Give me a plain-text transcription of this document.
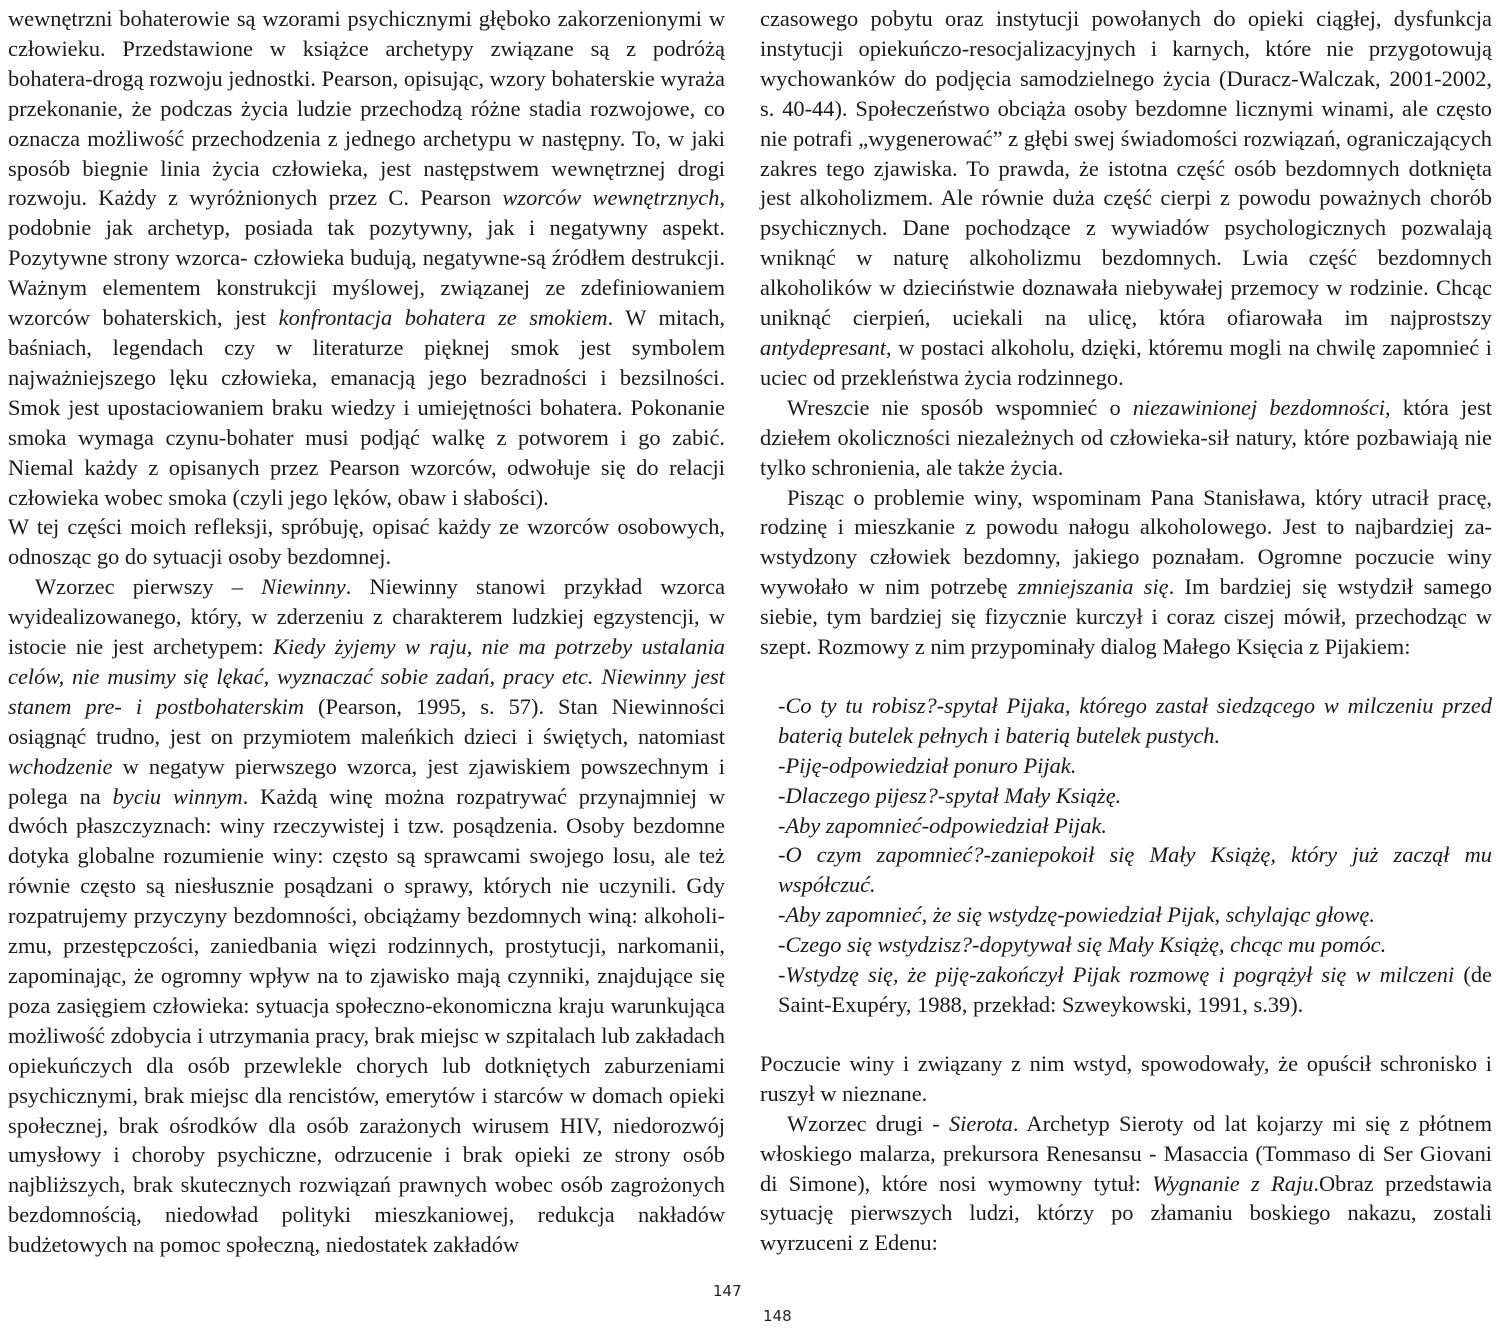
wewnętrzni bohaterowie są wzorami psychicznymi głęboko zakorzenionymi w człowieku. Przedstawione w książce archetypy związane są z podróżą bohatera-drogą rozwoju jednostki. Pearson, opisując, wzory bohaterskie wyraża przekonanie, że podczas życia ludzie przechodzą różne stadia rozwojowe, co oznacza możliwość przechodzenia z jednego archetypu w następny. To, w jaki sposób biegnie linia życia człowieka, jest następstwem wewnętrznej drogi rozwoju. Każdy z wyróżnionych przez C. Pearson wzorców wewnętrznych, podobnie jak archetyp, posiada tak pozytywny, jak i negatywny aspekt. Pozytywne strony wzorca- człowieka budują, negatywne-są źródłem destrukcji. Ważnym elementem konstrukcji myślowej, związanej ze zdefiniowaniem wzorców bohaterskich, jest konfrontacja bohatera ze smokiem. W mitach, baśniach, legendach czy w literaturze pięknej smok jest symbolem najważniejszego lęku człowieka, emanacją jego bezradności i bezsilności. Smok jest upostaciowaniem braku wiedzy i umiejętności bohatera. Pokonanie smoka wymaga czynu-bohater musi podjąć walkę z potworem i go zabić. Niemal każdy z opisanych przez Pearson wzorców, odwołuje się do relacji człowieka wobec smoka (czyli jego lęków, obaw i słabości).

W tej części moich refleksji, spróbuję, opisać każdy ze wzorców osobowych, odnosząc go do sytuacji osoby bezdomnej.

Wzorzec pierwszy – Niewinny. Niewinny stanowi przykład wzorca wyidealizowanego, który, w zderzeniu z charakterem ludzkiej egzystencji, w istocie nie jest archetypem: Kiedy żyjemy w raju, nie ma potrzeby ustalania celów, nie musimy się lękać, wyznaczać sobie zadań, pracy etc. Niewinny jest stanem pre- i postbohaterskim (Pearson, 1995, s. 57). Stan Niewinności osiągnąć trudno, jest on przymiotem maleńkich dzieci i świętych, natomiast wchodzenie w negatyw pierwszego wzorca, jest zjawiskiem powszechnym i polega na byciu winnym. Każdą winę można rozpatrywać przynajmniej w dwóch płaszczyznach: winy rzeczywistej i tzw. posądzenia. Osoby bezdomne dotyka globalne rozumienie winy: często są sprawcami swojego losu, ale też równie często są niesłusznie posądzani o sprawy, których nie uczynili. Gdy rozpatrujemy przyczyny bezdomności, obciążamy bezdomnych winą: alkoholizmu, przestępczości, zaniedbania więzi rodzinnych, prostytucji, narkomanii, zapominając, że ogromny wpływ na to zjawisko mają czynniki, znajdujące się poza zasięgiem człowieka: sytuacja społeczno-ekonomiczna kraju warunkująca możliwość zdobycia i utrzymania pracy, brak miejsc w szpitalach lub zakładach opiekuńczych dla osób przewlekle chorych lub dotkniętych zaburzeniami psychicznymi, brak miejsc dla rencistów, emerytów i starców w domach opieki społecznej, brak ośrodków dla osób zarażonych wirusem HIV, niedorozwój umysłowy i choroby psychiczne, odrzucenie i brak opieki ze strony osób najbliższych, brak skutecznych rozwiązań prawnych wobec osób zagrożonych bezdomnością, niedowład polityki mieszkaniowej, redukcja nakładów budżetowych na pomoc społeczną, niedostatek zakładów

czasowego pobytu oraz instytucji powołanych do opieki ciągłej, dysfunkcja instytucji opiekuńczo-resocjalizacyjnych i karnych, które nie przygotowują wychowanków do podjęcia samodzielnego życia (Duracz-Walczak, 2001-2002, s. 40-44). Społeczeństwo obciąża osoby bezdomne licznymi winami, ale często nie potrafi „wygenerować” z głębi swej świadomości rozwiązań, ograniczających zakres tego zjawiska. To prawda, że istotna część osób bezdomnych dotknięta jest alkoholizmem. Ale równie duża część cierpi z powodu poważnych chorób psychicznych. Dane pochodzące z wywiadów psychologicznych pozwalają wniknąć w naturę alkoholizmu bezdomnych. Lwia część bezdomnych alkoholików w dzieciństwie doznawała niebywałej przemocy w rodzinie. Chcąc uniknąć cierpień, uciekali na ulicę, która ofiarowała im najprostszy antydepresant, w postaci alkoholu, dzięki, któremu mogli na chwilę zapomnieć i uciec od przekleństwa życia rodzinnego.

Wreszcie nie sposób wspomnieć o niezawinionej bezdomności, która jest dziełem okoliczności niezależnych od człowieka-sił natury, które pozbawiają nie tylko schronienia, ale także życia.

Pisząc o problemie winy, wspominam Pana Stanisława, który utracił pracę, rodzinę i mieszkanie z powodu nałogu alkoholowego. Jest to najbardziej zawstydzony człowiek bezdomny, jakiego poznałam. Ogromne poczucie winy wywołało w nim potrzebę zmniejszania się. Im bardziej się wstydził samego siebie, tym bardziej się fizycznie kurczył i coraz ciszej mówił, przechodząc w szept. Rozmowy z nim przypominały dialog Małego Księcia z Pijakiem:

-Co ty tu robisz?-spytał Pijaka, którego zastał siedzącego w milczeniu przed baterią butelek pełnych i baterią butelek pustych.

-Piję-odpowiedział ponuro Pijak.

-Dlaczego pijesz?-spytał Mały Książę.

-Aby zapomnieć-odpowiedział Pijak.

-O czym zapomnieć?-zaniepokoił się Mały Książę, który już zaczął mu współczuć.

-Aby zapomnieć, że się wstydzę-powiedział Pijak, schylając głowę.

-Czego się wstydzisz?-dopytywał się Mały Książę, chcąc mu pomóc.

-Wstydzę się, że piję-zakończył Pijak rozmowę i pogrążył się w milczeni (de Saint-Exupéry, 1988, przekład: Szweykowski, 1991, s.39).

Poczucie winy i związany z nim wstyd, spowodowały, że opuścił schronisko i ruszył w nieznane.

Wzorzec drugi - Sierota. Archetyp Sieroty od lat kojarzy mi się z płótnem włoskiego malarza, prekursora Renesansu - Masaccia (Tommaso di Ser Giovani di Simone), które nosi wymowny tytuł: Wygnanie z Raju.Obraz przedstawia sytuację pierwszych ludzi, którzy po złamaniu boskiego nakazu, zostali wyrzuceni z Edenu:

147
148
